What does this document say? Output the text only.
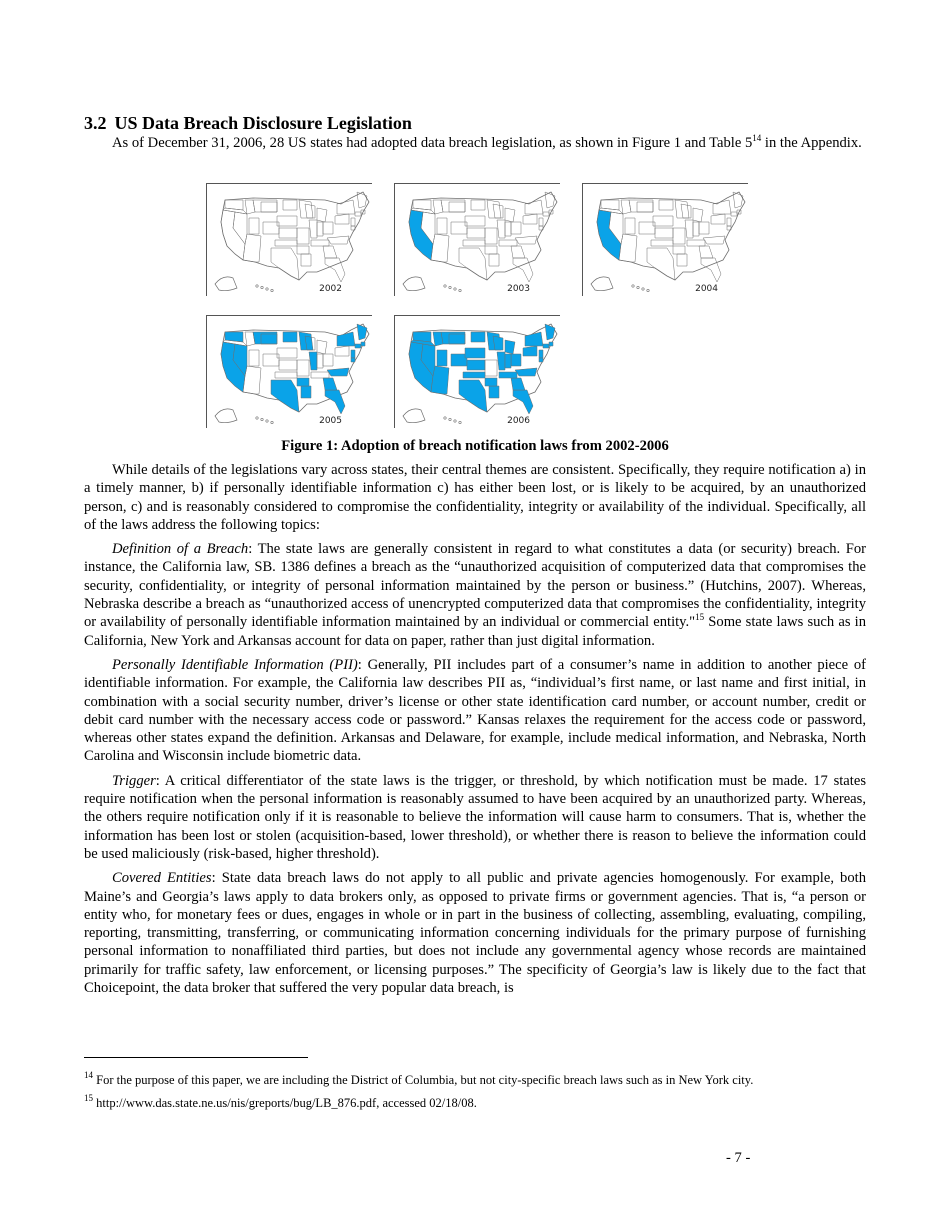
3.2 US Data Breach Disclosure Legislation

As of December 31, 2006, 28 US states had adopted data breach legislation, as shown in Figure 1 and Table $5^{14}$ in the Appendix.

2002	2003	2004
2005	2006
Figure 1: Adoption of breach notification laws from 2002-2006

While details of the legislations vary across states, their central themes are consistent. Specifically, they require notification a) in a timely manner, b) if personally identifiable information c) has either been lost, or is likely to be acquired, by an unauthorized person, c) and is reasonably considered to compromise the confidentiality, integrity or availability of the individual. Specifically, all of the laws address the following topics:

Definition of a Breach: The state laws are generally consistent in regard to what constitutes a data (or security) breach. For instance, the California law, SB. 1386 defines a breach as the “unauthorized acquisition of computerized data that compromises the security, confidentiality, or integrity of personal information maintained by the person or business.” (Hutchins, 2007). Whereas, Nebraska describe a breach as “unauthorized access of unencrypted computerized data that compromises the confidentiality, integrity or availability of personally identifiable information maintained by an individual or commercial entity."$^{15}$ Some state laws such as in California, New York and Arkansas account for data on paper, rather than just digital information.

Personally Identifiable Information (PII): Generally, PII includes part of a consumer’s name in addition to another piece of identifiable information. For example, the California law describes PII as, “individual’s first name, or last name and first initial, in combination with a social security number, driver’s license or other state identification card number, or account number, credit or debit card number with the necessary access code or password.” Kansas relaxes the requirement for the access code or password, whereas other states expand the definition. Arkansas and Delaware, for example, include medical information, and Nebraska, North Carolina and Wisconsin include biometric data.

Trigger: A critical differentiator of the state laws is the trigger, or threshold, by which notification must be made. 17 states require notification when the personal information is reasonably assumed to have been acquired by an unauthorized party. Whereas, the others require notification only if it is reasonable to believe the information will cause harm to consumers. That is, whether the information has been lost or stolen (acquisition-based, lower threshold), or whether there is reason to believe the information could be used maliciously (risk-based, higher threshold).

Covered Entities: State data breach laws do not apply to all public and private agencies homogenously. For example, both Maine’s and Georgia’s laws apply to data brokers only, as opposed to private firms or government agencies. That is, “a person or entity who, for monetary fees or dues, engages in whole or in part in the business of collecting, assembling, evaluating, compiling, reporting, transmitting, transferring, or communicating information concerning individuals for the primary purpose of furnishing personal information to nonaffiliated third parties, but does not include any governmental agency whose records are maintained primarily for traffic safety, law enforcement, or licensing purposes.” The specificity of Georgia’s law is likely due to the fact that Choicepoint, the data broker that suffered the very popular data breach, is

$^{14}$ For the purpose of this paper, we are including the District of Columbia, but not city-specific breach laws such as in New York city.
$^{15}$ http://www.das.state.ne.us/nis/greports/bug/LB_876.pdf, accessed 02/18/08.
- 7 -
